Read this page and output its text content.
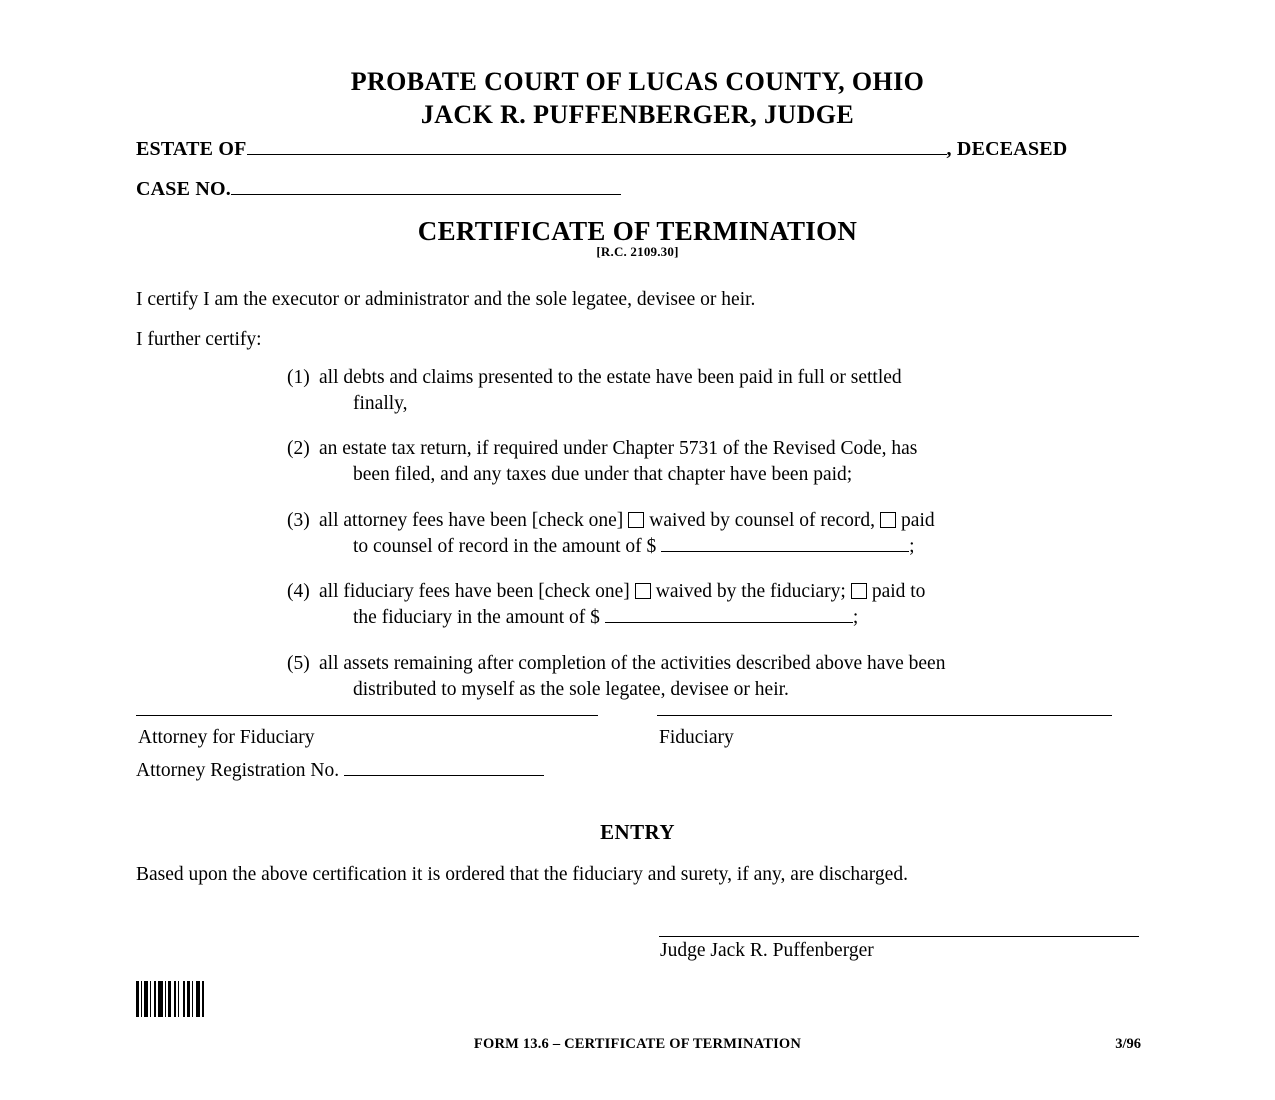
PROBATE COURT OF LUCAS COUNTY, OHIO
JACK R. PUFFENBERGER, JUDGE
ESTATE OF	, DECEASED
CASE NO.
CERTIFICATE OF TERMINATION
[R.C. 2109.30]
I certify I am the executor or administrator and the sole legatee, devisee or heir.
I further certify:
(1) all debts and claims presented to the estate have been paid in full or settled
finally,
(2) an estate tax return, if required under Chapter 5731 of the Revised Code, has
been filed, and any taxes due under that chapter have been paid;
(3) all attorney fees have been [check one] waived by counsel of record, paid
to counsel of record in the amount of $	;
(4) all fiduciary fees have been [check one] waived by the fiduciary; paid to
the fiduciary in the amount of $	;
(5) all assets remaining after completion of the activities described above have been
distributed to myself as the sole legatee, devisee or heir.
Attorney for Fiduciary	Fiduciary
Attorney Registration No.
ENTRY
Based upon the above certification it is ordered that the fiduciary and surety, if any, are discharged.
Judge Jack R. Puffenberger
FORM 13.6 – CERTIFICATE OF TERMINATION	3/96
